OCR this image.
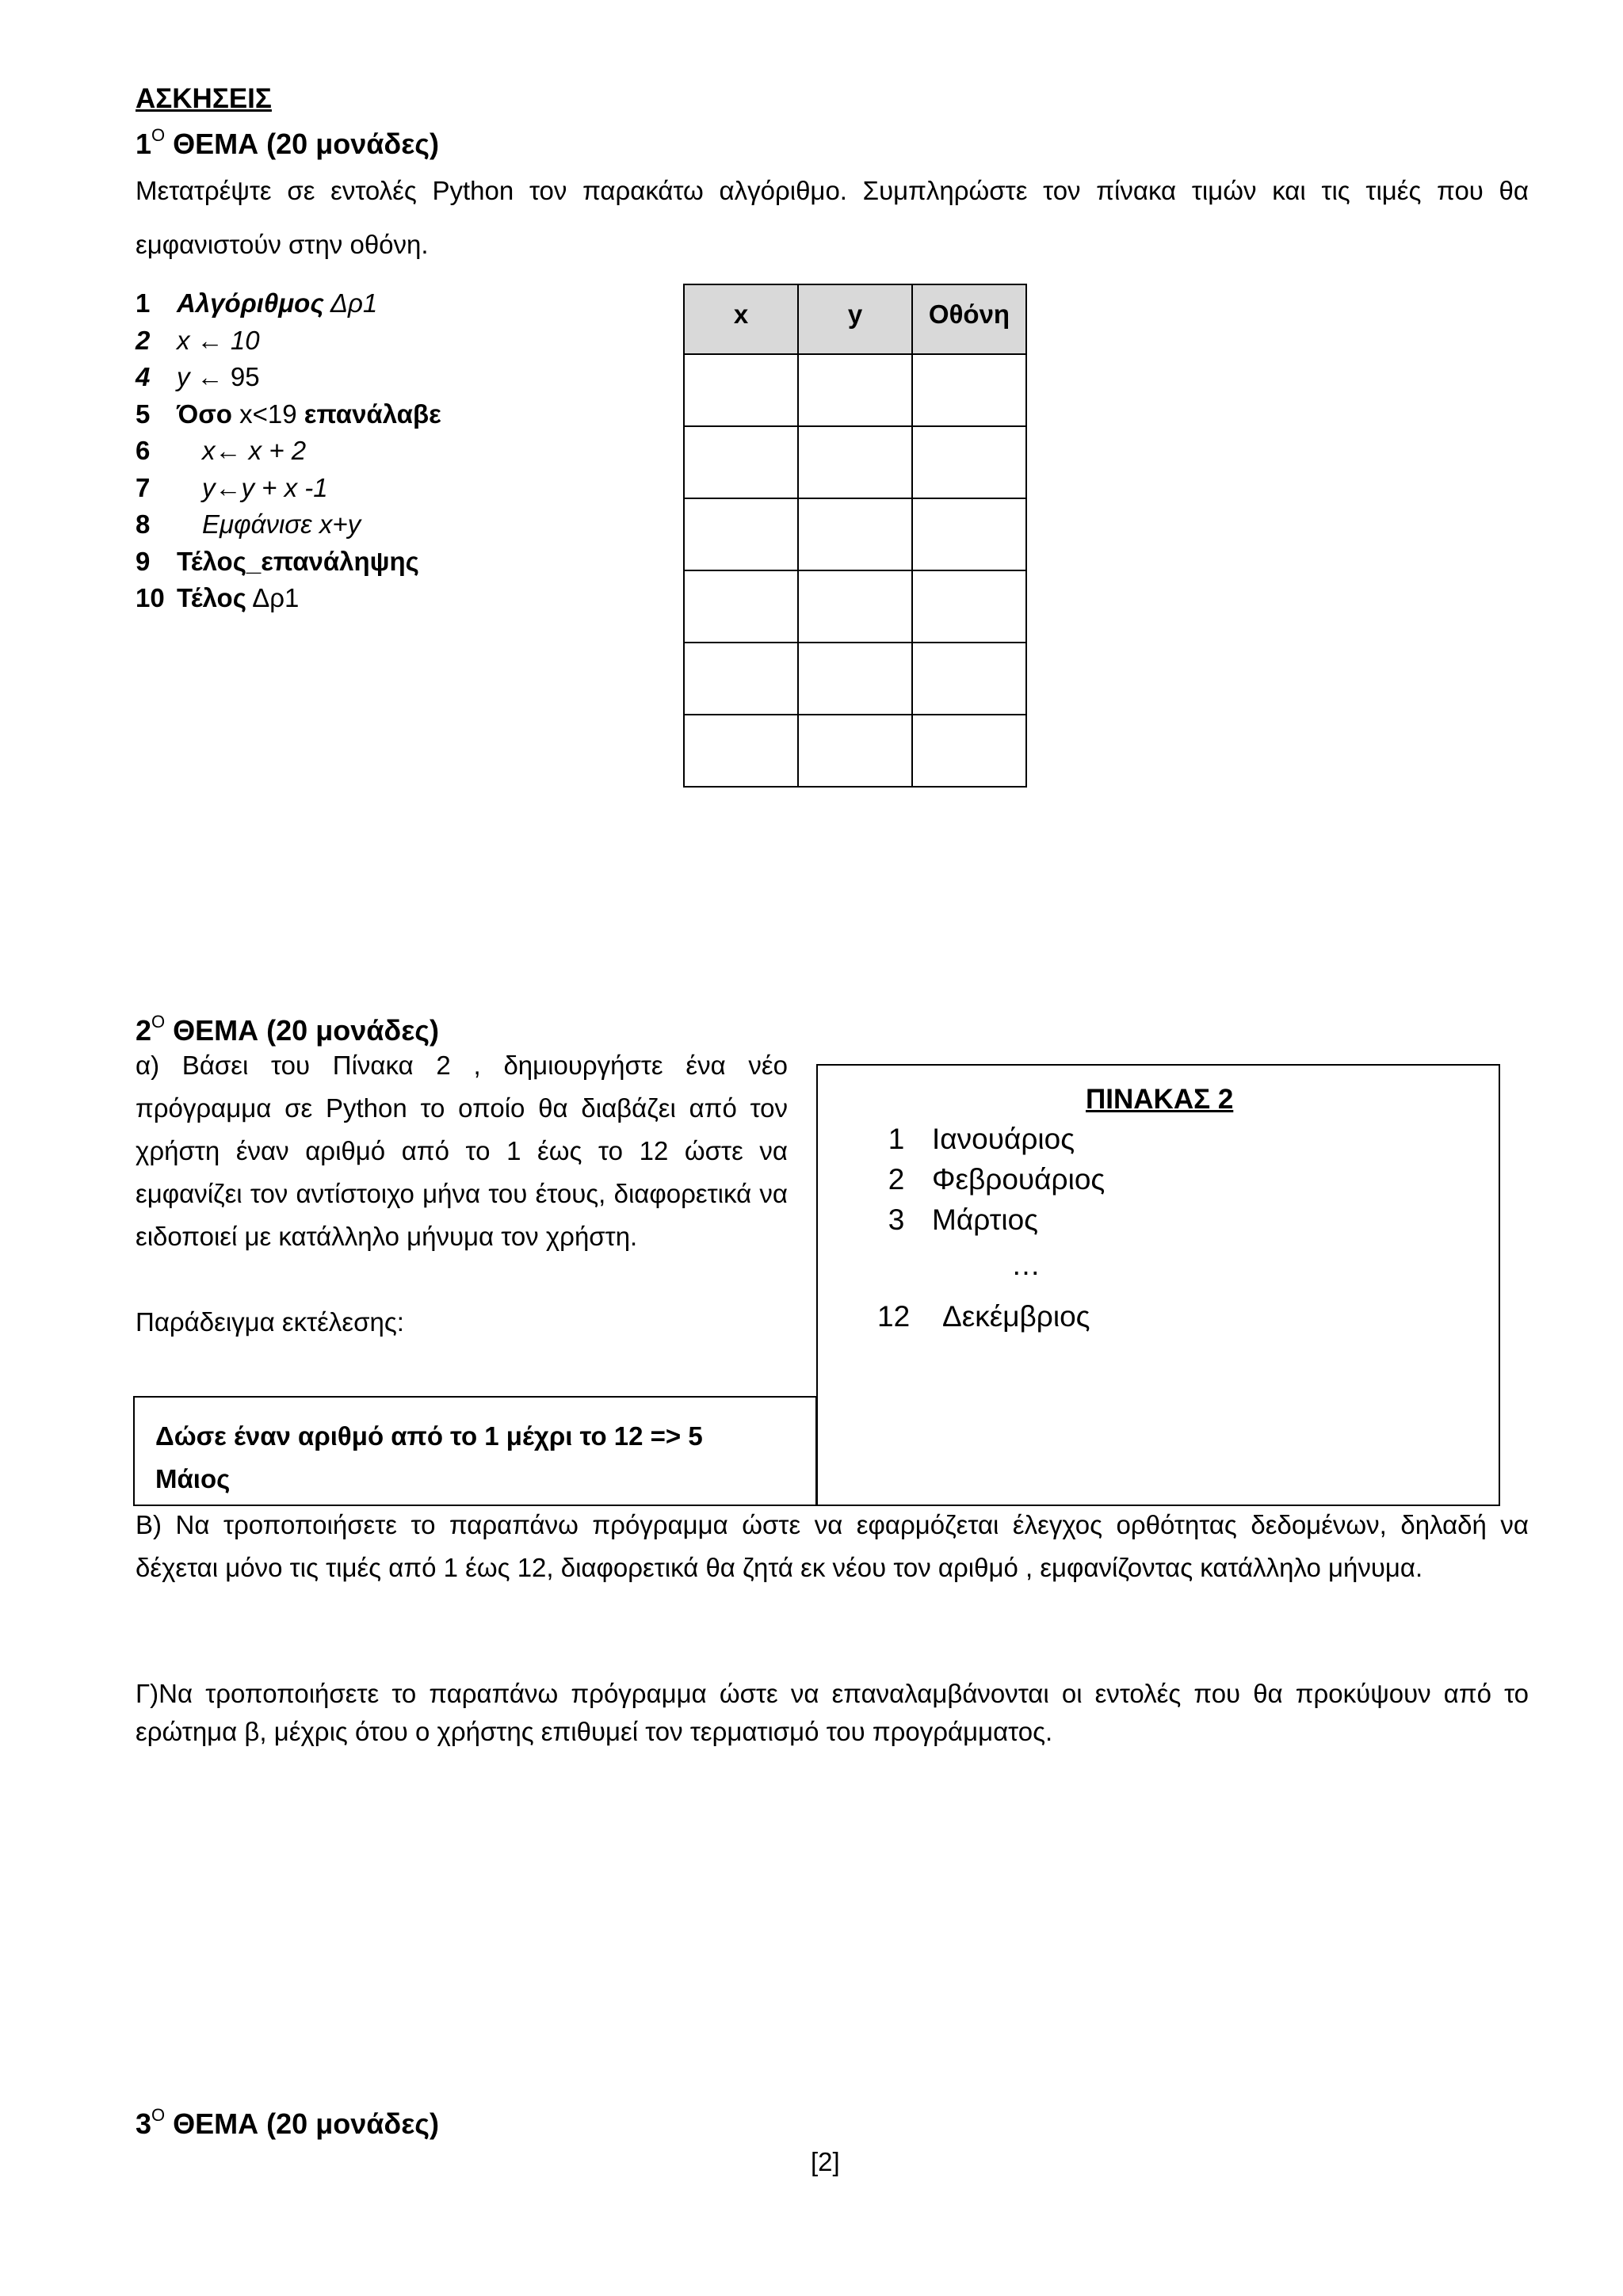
ΑΣΚΗΣΕΙΣ
$1^O$ ΘΕΜΑ (20 μονάδες)
Μετατρέψτε σε εντολές Python τον παρακάτω αλγόριθμο. Συμπληρώστε τον πίνακα τιμών και τις τιμές που θα εμφανιστούν στην οθόνη.
1 Αλγόριθμος Δρ1
2 x ← 10
4 y ← 95
5 Όσο x<19 επανάλαβε
6 x← x + 2
7 y←y + x -1
8 Εμφάνισε x+y
9 Τέλος_επανάληψης
10 Τέλος Δρ1
x	y	Οθόνη

$2^O$ ΘΕΜΑ (20 μονάδες)
α) Βάσει του Πίνακα 2 , δημιουργήστε ένα νέο πρόγραμμα σε Python το οποίο θα διαβάζει από τον χρήστη έναν αριθμό από το 1 έως το 12 ώστε να εμφανίζει τον αντίστοιχο μήνα του έτους, διαφορετικά να ειδοποιεί με κατάλληλο μήνυμα τον χρήστη.
Παράδειγμα εκτέλεσης:
ΠΙΝΑΚΑΣ 2
1 Ιανουάριος
2 Φεβρουάριος
3 Μάρτιος
…
12 Δεκέμβριος
Δώσε έναν αριθμό από το 1 μέχρι το 12 => 5
Μάιος
Β) Να τροποποιήσετε το παραπάνω πρόγραμμα ώστε να εφαρμόζεται έλεγχος ορθότητας δεδομένων, δηλαδή να δέχεται μόνο τις τιμές από 1 έως 12, διαφορετικά θα ζητά εκ νέου τον αριθμό , εμφανίζοντας κατάλληλο μήνυμα.
Γ)Να τροποποιήσετε το παραπάνω πρόγραμμα ώστε να επαναλαμβάνονται οι εντολές που θα προκύψουν από το ερώτημα β, μέχρις ότου ο χρήστης επιθυμεί τον τερματισμό του προγράμματος.
$3^O$ ΘΕΜΑ (20 μονάδες)
[2]
